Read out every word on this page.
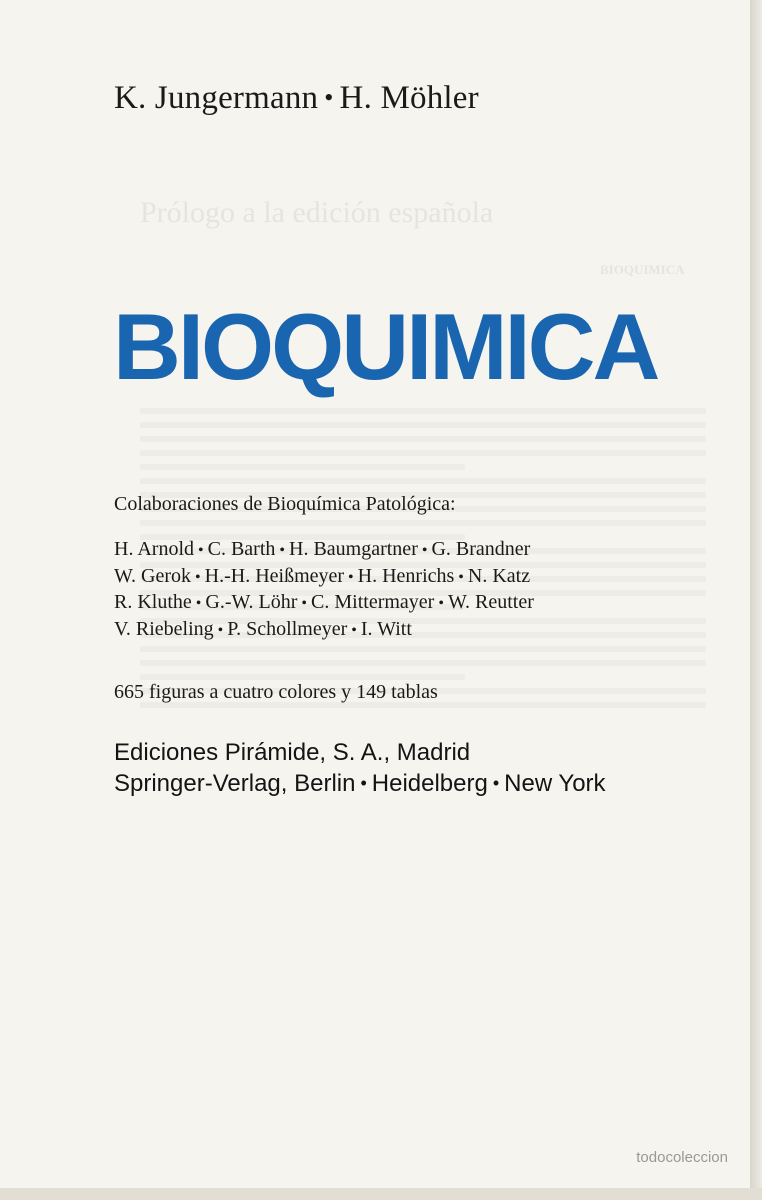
Prólogo a la edición española
BIOQUIMICA
K. Jungermann • H. Möhler
BIOQUIMICA
Colaboraciones de Bioquímica Patológica:
H. Arnold • C. Barth • H. Baumgartner • G. Brandner
W. Gerok • H.-H. Heißmeyer • H. Henrichs • N. Katz
R. Kluthe • G.-W. Löhr • C. Mittermayer • W. Reutter
V. Riebeling • P. Schollmeyer • I. Witt
665 figuras a cuatro colores y 149 tablas
Ediciones Pirámide, S. A., Madrid
Springer-Verlag, Berlin • Heidelberg • New York
todocoleccion
